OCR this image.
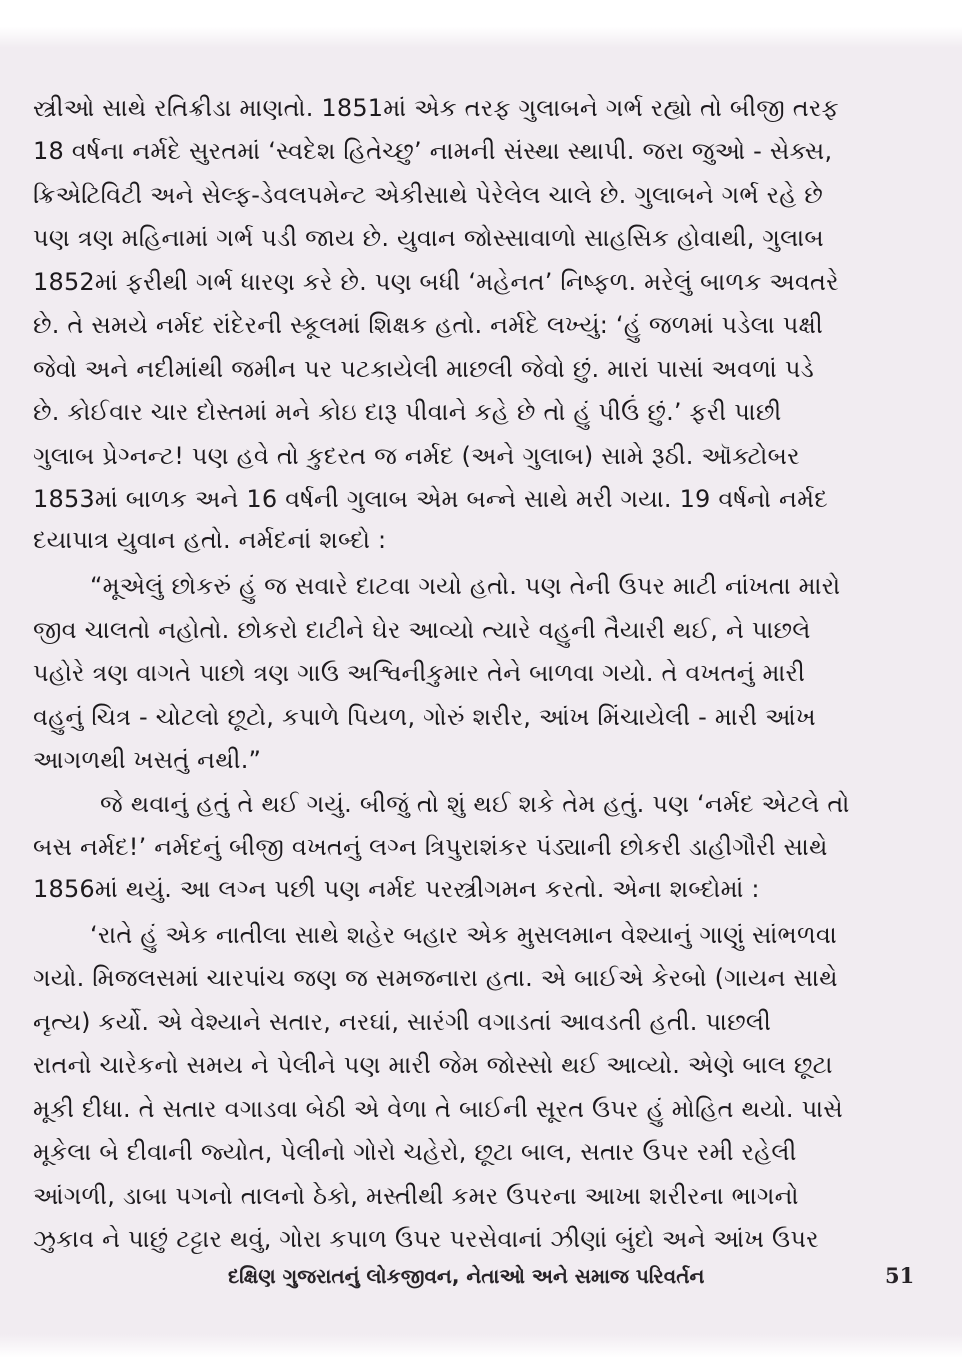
સ્ત્રીઓ સાથે રતિક્રીડા માણતો. 1851માં એક તરફ ગુલાબને ગર્ભ રહ્યો તો બીજી તરફ
18 વર્ષના નર્મદે સુરતમાં ‘સ્વદેશ હિતેચ્છુ’ નામની સંસ્થા સ્થાપી. જરા જુઓ - સેક્સ,
ક્રિએટિવિટી અને સેલ્ફ-ડેવલપમેન્ટ એકીસાથે પેરેલેલ ચાલે છે. ગુલાબને ગર્ભ રહે છે
પણ ત્રણ મહિનામાં ગર્ભ પડી જાય છે. યુવાન જોસ્સાવાળો સાહસિક હોવાથી, ગુલાબ
1852માં ફરીથી ગર્ભ ધારણ કરે છે. પણ બધી ‘મહેનત’ નિષ્ફળ. મરેલું બાળક અવતરે
છે. તે સમયે નર્મદ રાંદેરની સ્કૂલમાં શિક્ષક હતો. નર્મદે લખ્યું: ‘હું જળમાં પડેલા પક્ષી
જેવો અને નદીમાંથી જમીન પર પટકાયેલી માછલી જેવો છું. મારાં પાસાં અવળાં પડે
છે. કોઈવાર ચાર દોસ્તમાં મને કોઇ દારૂ પીવાને કહે છે તો હું પીઉં છું.’ ફરી પાછી
ગુલાબ પ્રેગ્નન્ટ! પણ હવે તો કુદરત જ નર્મદ (અને ગુલાબ) સામે રૂઠી. ઑક્ટોબર
1853માં બાળક અને 16 વર્ષની ગુલાબ એમ બન્ને સાથે મરી ગયા. 19 વર્ષનો નર્મદ
દયાપાત્ર યુવાન હતો. નર્મદનાં શબ્દો :
“મૂએલું છોકરું હું જ સવારે દાટવા ગયો હતો. પણ તેની ઉપર માટી નાંખતા મારો
જીવ ચાલતો નહોતો. છોકરો દાટીને ઘેર આવ્યો ત્યારે વહુની તૈયારી થઈ, ને પાછલે
પહોરે ત્રણ વાગતે પાછો ત્રણ ગાઉ અશ્વિનીકુમાર તેને બાળવા ગયો. તે વખતનું મારી
વહુનું ચિત્ર - ચોટલો છૂટો, કપાળે પિયળ, ગોરું શરીર, આંખ મિંચાયેલી - મારી આંખ
આગળથી ખસતું નથી.”
જે થવાનું હતું તે થઈ ગયું. બીજું તો શું થઈ શકે તેમ હતું. પણ ‘નર્મદ એટલે તો
બસ નર્મદ!’ નર્મદનું બીજી વખતનું લગ્ન ત્રિપુરાશંકર પંડ્યાની છોકરી ડાહીગૌરી સાથે
1856માં થયું. આ લગ્ન પછી પણ નર્મદ પરસ્ત્રીગમન કરતો. એના શબ્દોમાં :
‘રાતે હું એક નાતીલા સાથે શહેર બહાર એક મુસલમાન વેશ્યાનું ગાણું સાંભળવા
ગયો. મિજલસમાં ચારપાંચ જણ જ સમજનારા હતા. એ બાઈએ કેરબો (ગાયન સાથે
નૃત્ય) કર્યો. એ વેશ્યાને સતાર, નરઘાં, સારંગી વગાડતાં આવડતી હતી. પાછલી
રાતનો ચારેકનો સમય ને પેલીને પણ મારી જેમ જોસ્સો થઈ આવ્યો. એણે બાલ છૂટા
મૂકી દીધા. તે સતાર વગાડવા બેઠી એ વેળા તે બાઈની સૂરત ઉપર હું મોહિત થયો. પાસે
મૂકેલા બે દીવાની જ્યોત, પેલીનો ગોરો ચહેરો, છૂટા બાલ, સતાર ઉપર રમી રહેલી
આંગળી, ડાબા પગનો તાલનો ઠેકો, મસ્તીથી કમર ઉપરના આખા શરીરના ભાગનો
ઝુકાવ ને પાછું ટટ્ટાર થવું, ગોરા કપાળ ઉપર પરસેવાનાં ઝીણાં બુંદો અને આંખ ઉપર
દક્ષિણ ગુજરાતનું લોકજીવન, નેતાઓ અને સમાજ પરિવર્તન	51
